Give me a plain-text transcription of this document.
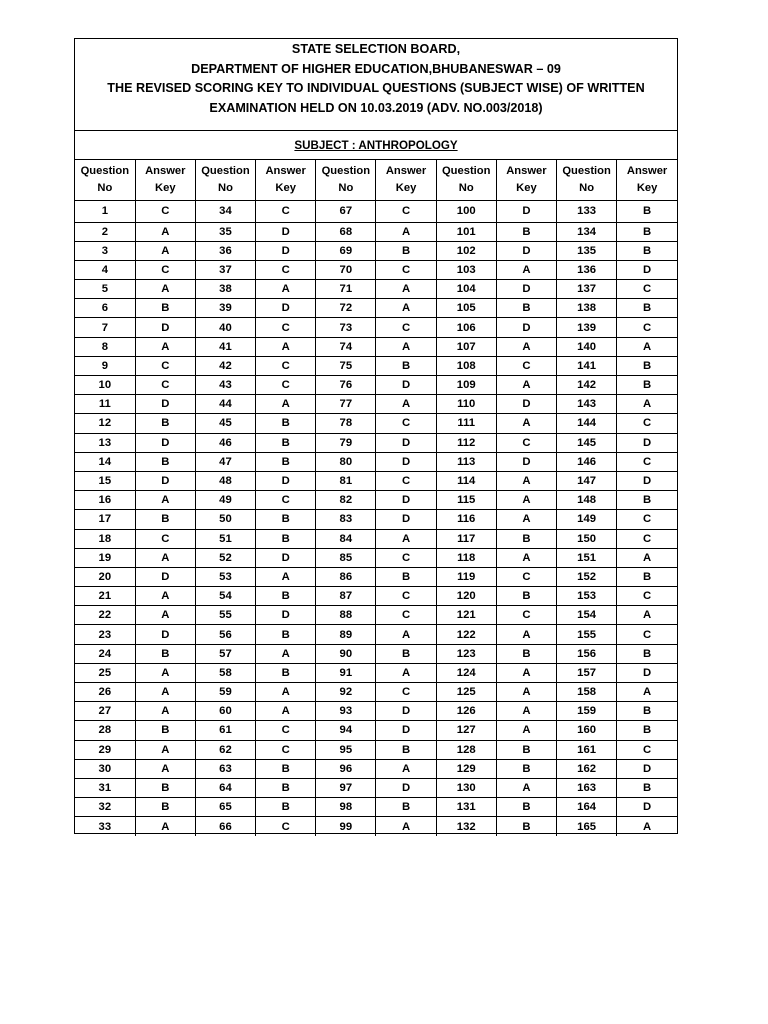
STATE SELECTION BOARD,
DEPARTMENT OF HIGHER EDUCATION,BHUBANESWAR – 09
THE REVISED SCORING KEY TO INDIVIDUAL QUESTIONS (SUBJECT WISE) OF WRITTEN
EXAMINATION HELD ON 10.03.2019 (ADV. NO.003/2018)
SUBJECT : ANTHROPOLOGY
Question
No	Answer
Key	Question
No	Answer
Key	Question
No	Answer
Key	Question
No	Answer
Key	Question
No	Answer
Key
1	C	34	C	67	C	100	D	133	B
2	A	35	D	68	A	101	B	134	B
3	A	36	D	69	B	102	D	135	B
4	C	37	C	70	C	103	A	136	D
5	A	38	A	71	A	104	D	137	C
6	B	39	D	72	A	105	B	138	B
7	D	40	C	73	C	106	D	139	C
8	A	41	A	74	A	107	A	140	A
9	C	42	C	75	B	108	C	141	B
10	C	43	C	76	D	109	A	142	B
11	D	44	A	77	A	110	D	143	A
12	B	45	B	78	C	111	A	144	C
13	D	46	B	79	D	112	C	145	D
14	B	47	B	80	D	113	D	146	C
15	D	48	D	81	C	114	A	147	D
16	A	49	C	82	D	115	A	148	B
17	B	50	B	83	D	116	A	149	C
18	C	51	B	84	A	117	B	150	C
19	A	52	D	85	C	118	A	151	A
20	D	53	A	86	B	119	C	152	B
21	A	54	B	87	C	120	B	153	C
22	A	55	D	88	C	121	C	154	A
23	D	56	B	89	A	122	A	155	C
24	B	57	A	90	B	123	B	156	B
25	A	58	B	91	A	124	A	157	D
26	A	59	A	92	C	125	A	158	A
27	A	60	A	93	D	126	A	159	B
28	B	61	C	94	D	127	A	160	B
29	A	62	C	95	B	128	B	161	C
30	A	63	B	96	A	129	B	162	D
31	B	64	B	97	D	130	A	163	B
32	B	65	B	98	B	131	B	164	D
33	A	66	C	99	A	132	B	165	A
